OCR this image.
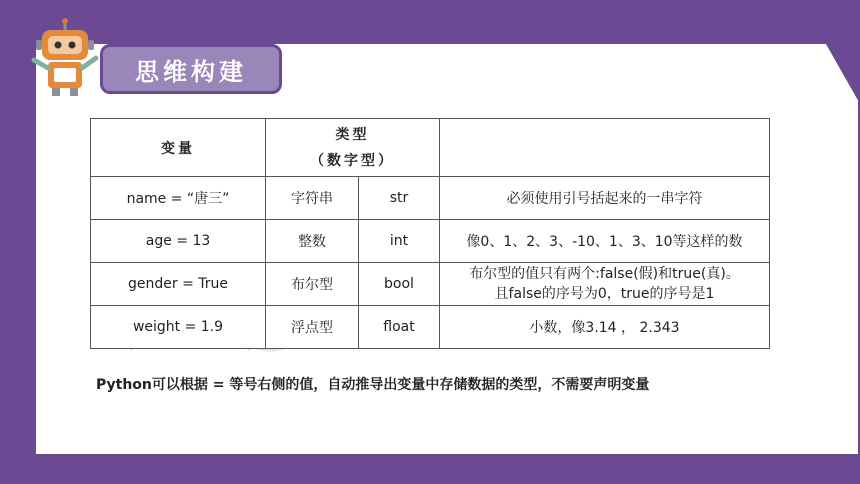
思维构建
变量	类型
（数字型）		

name = “唐三”	字符串	str	必须使用引号括起来的一串字符
age = 13	整数	int	像0、1、2、3、-10、1、3、10等这样的数
gender = True	布尔型	bool	布尔型的值只有两个:false(假)和true(真)。
且false的序号为0，true的序号是1

weight = 1.9	浮点型	float	小数，像3.14 ， 2.343
Python可以根据 = 等号右侧的值，自动推导出变量中存储数据的类型，不需要声明变量
